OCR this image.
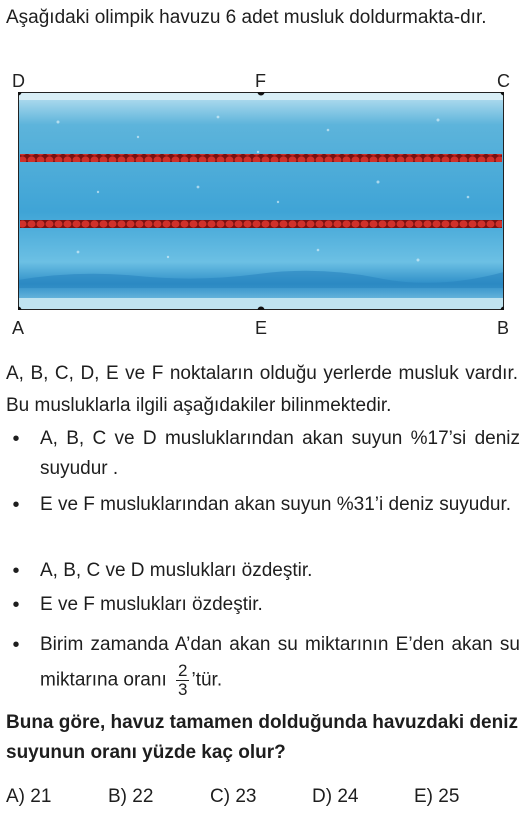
Aşağıdaki olimpik havuzu 6 adet musluk doldurmakta-dır.
D	F	C
A	E	B
A, B, C, D, E ve F noktaların olduğu yerlerde musluk vardır. Bu musluklarla ilgili aşağıdakiler bilinmektedir.
•	A, B, C ve D musluklarından akan suyun %17’si deniz suyudur .
•	E ve F musluklarından akan suyun %31’i deniz suyudur.
•	A, B, C ve D muslukları özdeştir.
•	E ve F muslukları özdeştir.
•	Birim zamanda A’dan akan su miktarının E’den akan su miktarına oranı $\frac{2}{3}$ ’tür.
Buna göre, havuz tamamen dolduğunda havuzdaki deniz suyunun oranı yüzde kaç olur?
A) 21	B) 22	C) 23	D) 24	E) 25
